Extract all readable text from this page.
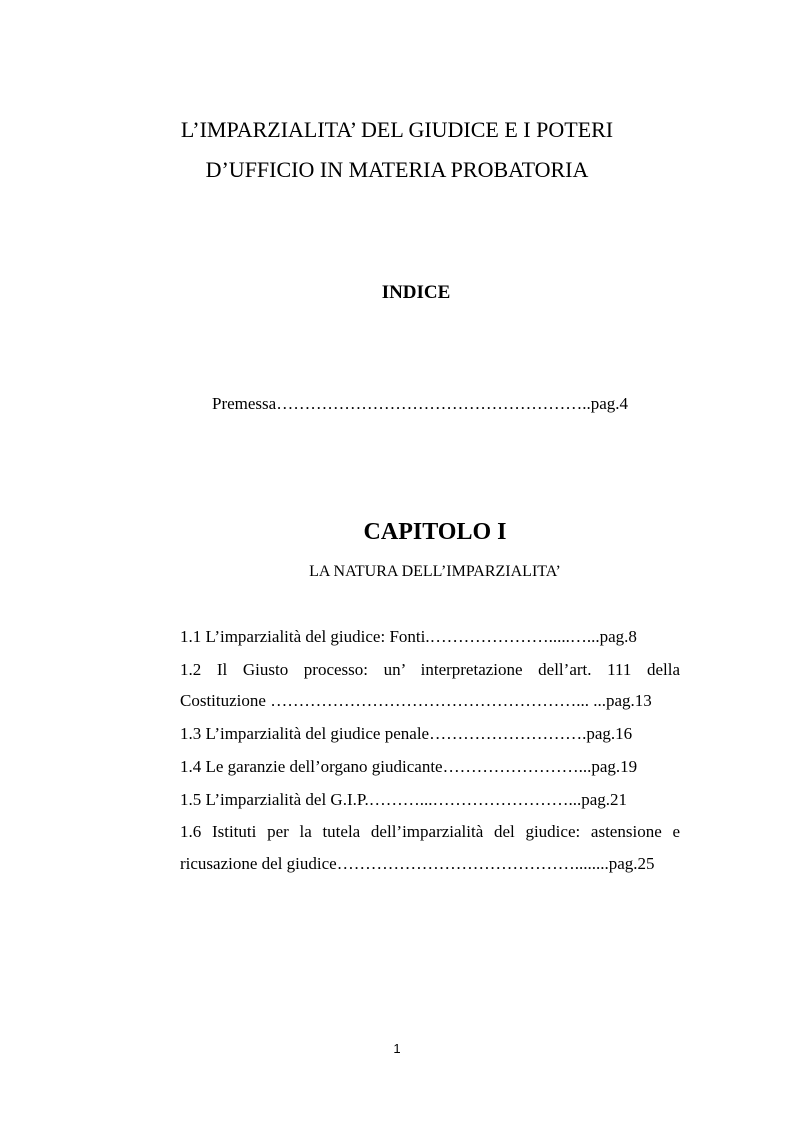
L’IMPARZIALITA’ DEL GIUDICE E I POTERI
D’UFFICIO IN MATERIA PROBATORIA
INDICE
Premessa………………………………………………..pag.4
CAPITOLO I
LA NATURA DELL’IMPARZIALITA’
1.1 L’imparzialità del giudice: Fonti.………………….....…...pag.8
1.2 Il Giusto processo: un’ interpretazione dell’art. 111 della
Costituzione ………………………………………………... ...pag.13
1.3 L’imparzialità del giudice penale……………………….pag.16
1.4 Le garanzie dell’organo giudicante……………………...pag.19
1.5 L’imparzialità del G.I.P.………...……………………...pag.21
1.6 Istituti per la tutela dell’imparzialità del giudice: astensione e
ricusazione del giudice……………………………………........pag.25
1
